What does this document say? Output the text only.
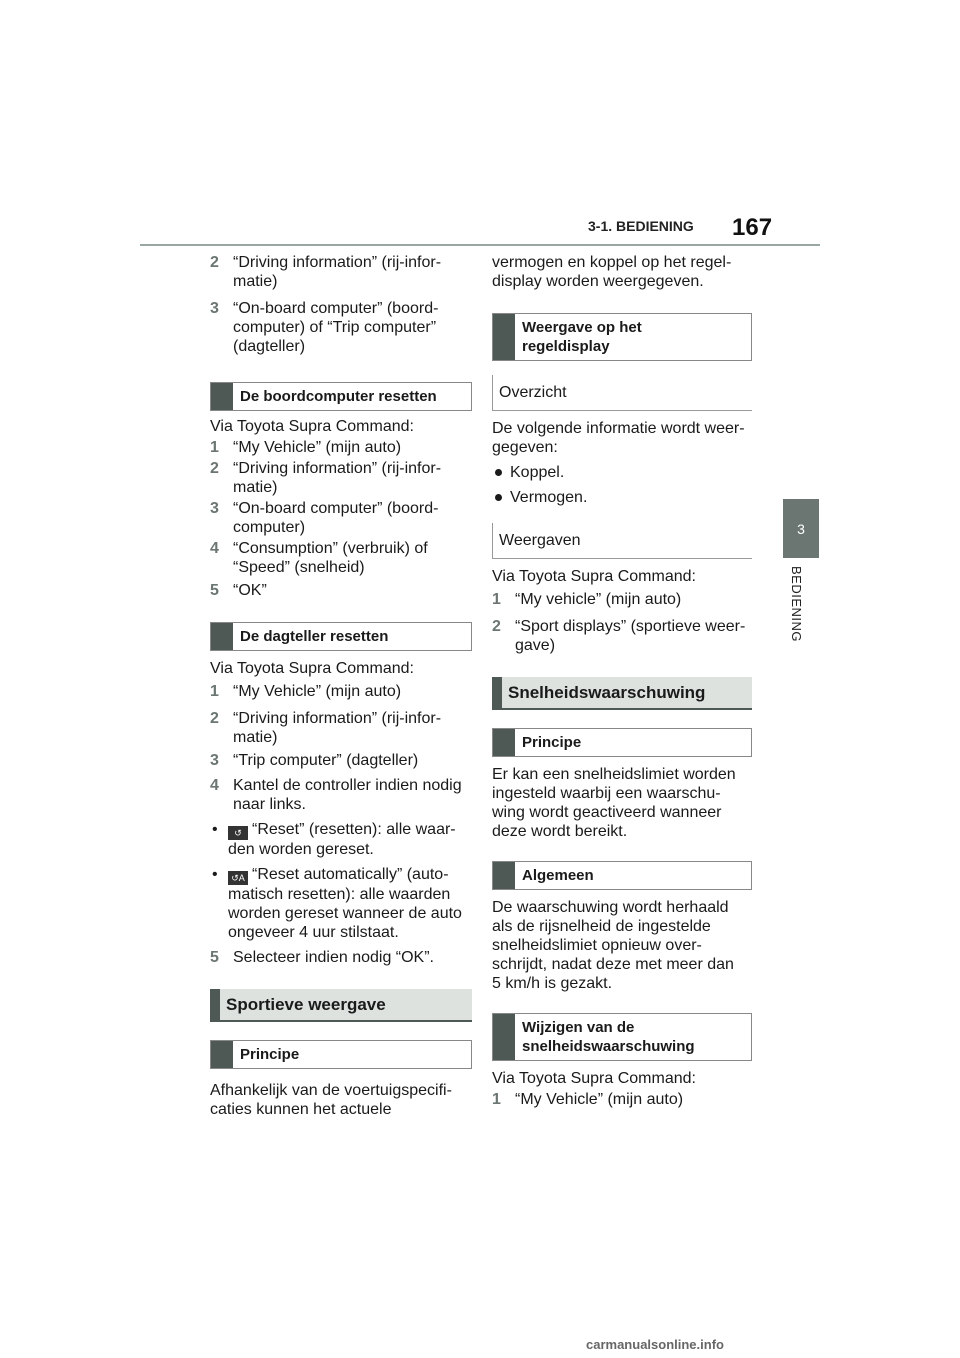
3-1. BEDIENING 167
3
BEDIENING
2 “Driving information” (rij-infor-
matie)
3 “On-board computer” (boord-
computer) of “Trip computer”
(dagteller)
De boordcomputer resetten

Via Toyota Supra Command:

1 “My Vehicle” (mijn auto)
2 “Driving information” (rij-infor-
matie)
3 “On-board computer” (boord-
computer)
4 “Consumption” (verbruik) of
“Speed” (snelheid)
5 “OK”
De dagteller resetten

Via Toyota Supra Command:

1 “My Vehicle” (mijn auto)
2 “Driving information” (rij-infor-
matie)
3 “Trip computer” (dagteller)
4 Kantel de controller indien nodig
naar links.
• ↺ “Reset” (resetten): alle waar-
den worden gereset.
• ↺A “Reset automatically” (auto-
matisch resetten): alle waarden
worden gereset wanneer de auto
ongeveer 4 uur stilstaat.
5 Selecteer indien nodig “OK”.
Sportieve weergave
Principe

Afhankelijk van de voertuigspecifi-
caties kunnen het actuele

vermogen en koppel op het regel-
display worden weergegeven.

Weergave op het
regeldisplay
Overzicht

De volgende informatie wordt weer-
gegeven:

Koppel.
Vermogen.
Weergaven

Via Toyota Supra Command:

1 “My vehicle” (mijn auto)
2 “Sport displays” (sportieve weer-
gave)
Snelheidswaarschuwing
Principe

Er kan een snelheidslimiet worden
ingesteld waarbij een waarschu-
wing wordt geactiveerd wanneer
deze wordt bereikt.

Algemeen

De waarschuwing wordt herhaald
als de rijsnelheid de ingestelde
snelheidslimiet opnieuw over-
schrijdt, nadat deze met meer dan
5 km/h is gezakt.

Wijzigen van de
snelheidswaarschuwing

Via Toyota Supra Command:

1 “My Vehicle” (mijn auto)
carmanualsonline.info
